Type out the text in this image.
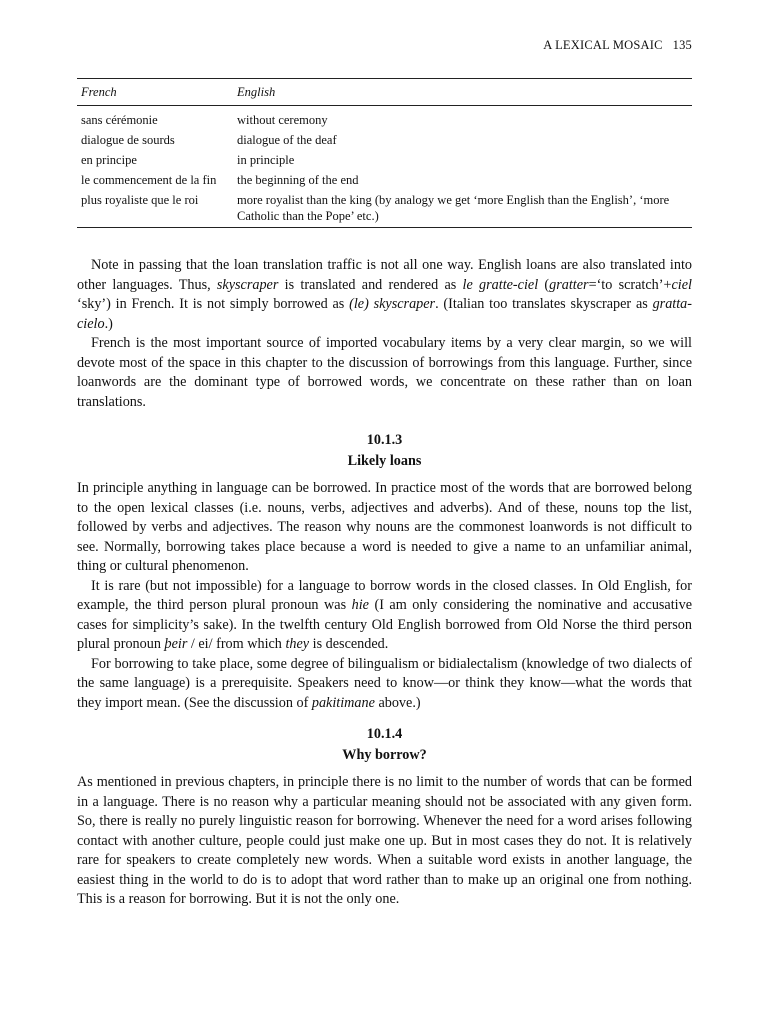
A LEXICAL MOSAIC 135
French	English
sans cérémonie	without ceremony
dialogue de sourds	dialogue of the deaf
en principe	in principle
le commencement de la fin	the beginning of the end
plus royaliste que le roi	more royalist than the king (by analogy we get ‘more English than the English’, ‘more Catholic than the Pope’ etc.)

Note in passing that the loan translation traffic is not all one way. English loans are also translated into other languages. Thus, skyscraper is translated and rendered as le gratte-ciel (gratter=‘to scratch’+ciel ‘sky’) in French. It is not simply borrowed as (le) skyscraper. (Italian too translates skyscraper as gratta-cielo.)

French is the most important source of imported vocabulary items by a very clear margin, so we will devote most of the space in this chapter to the discussion of borrowings from this language. Further, since loanwords are the dominant type of borrowed words, we concentrate on these rather than on loan translations.

10.1.3
Likely loans

In principle anything in language can be borrowed. In practice most of the words that are borrowed belong to the open lexical classes (i.e. nouns, verbs, adjectives and adverbs). And of these, nouns top the list, followed by verbs and adjectives. The reason why nouns are the commonest loanwords is not difficult to see. Normally, borrowing takes place because a word is needed to give a name to an unfamiliar animal, thing or cultural phenomenon.

It is rare (but not impossible) for a language to borrow words in the closed classes. In Old English, for example, the third person plural pronoun was hie (I am only considering the nominative and accusative cases for simplicity’s sake). In the twelfth century Old English borrowed from Old Norse the third person plural pronoun þeir / ei/ from which they is descended.

For borrowing to take place, some degree of bilingualism or bidialectalism (knowledge of two dialects of the same language) is a prerequisite. Speakers need to know—or think they know—what the words that they import mean. (See the discussion of pakitimane above.)

10.1.4
Why borrow?

As mentioned in previous chapters, in principle there is no limit to the number of words that can be formed in a language. There is no reason why a particular meaning should not be associated with any given form. So, there is really no purely linguistic reason for borrowing. Whenever the need for a word arises following contact with another culture, people could just make one up. But in most cases they do not. It is relatively rare for speakers to create completely new words. When a suitable word exists in another language, the easiest thing in the world to do is to adopt that word rather than to make up an original one from nothing. This is a reason for borrowing. But it is not the only one.
